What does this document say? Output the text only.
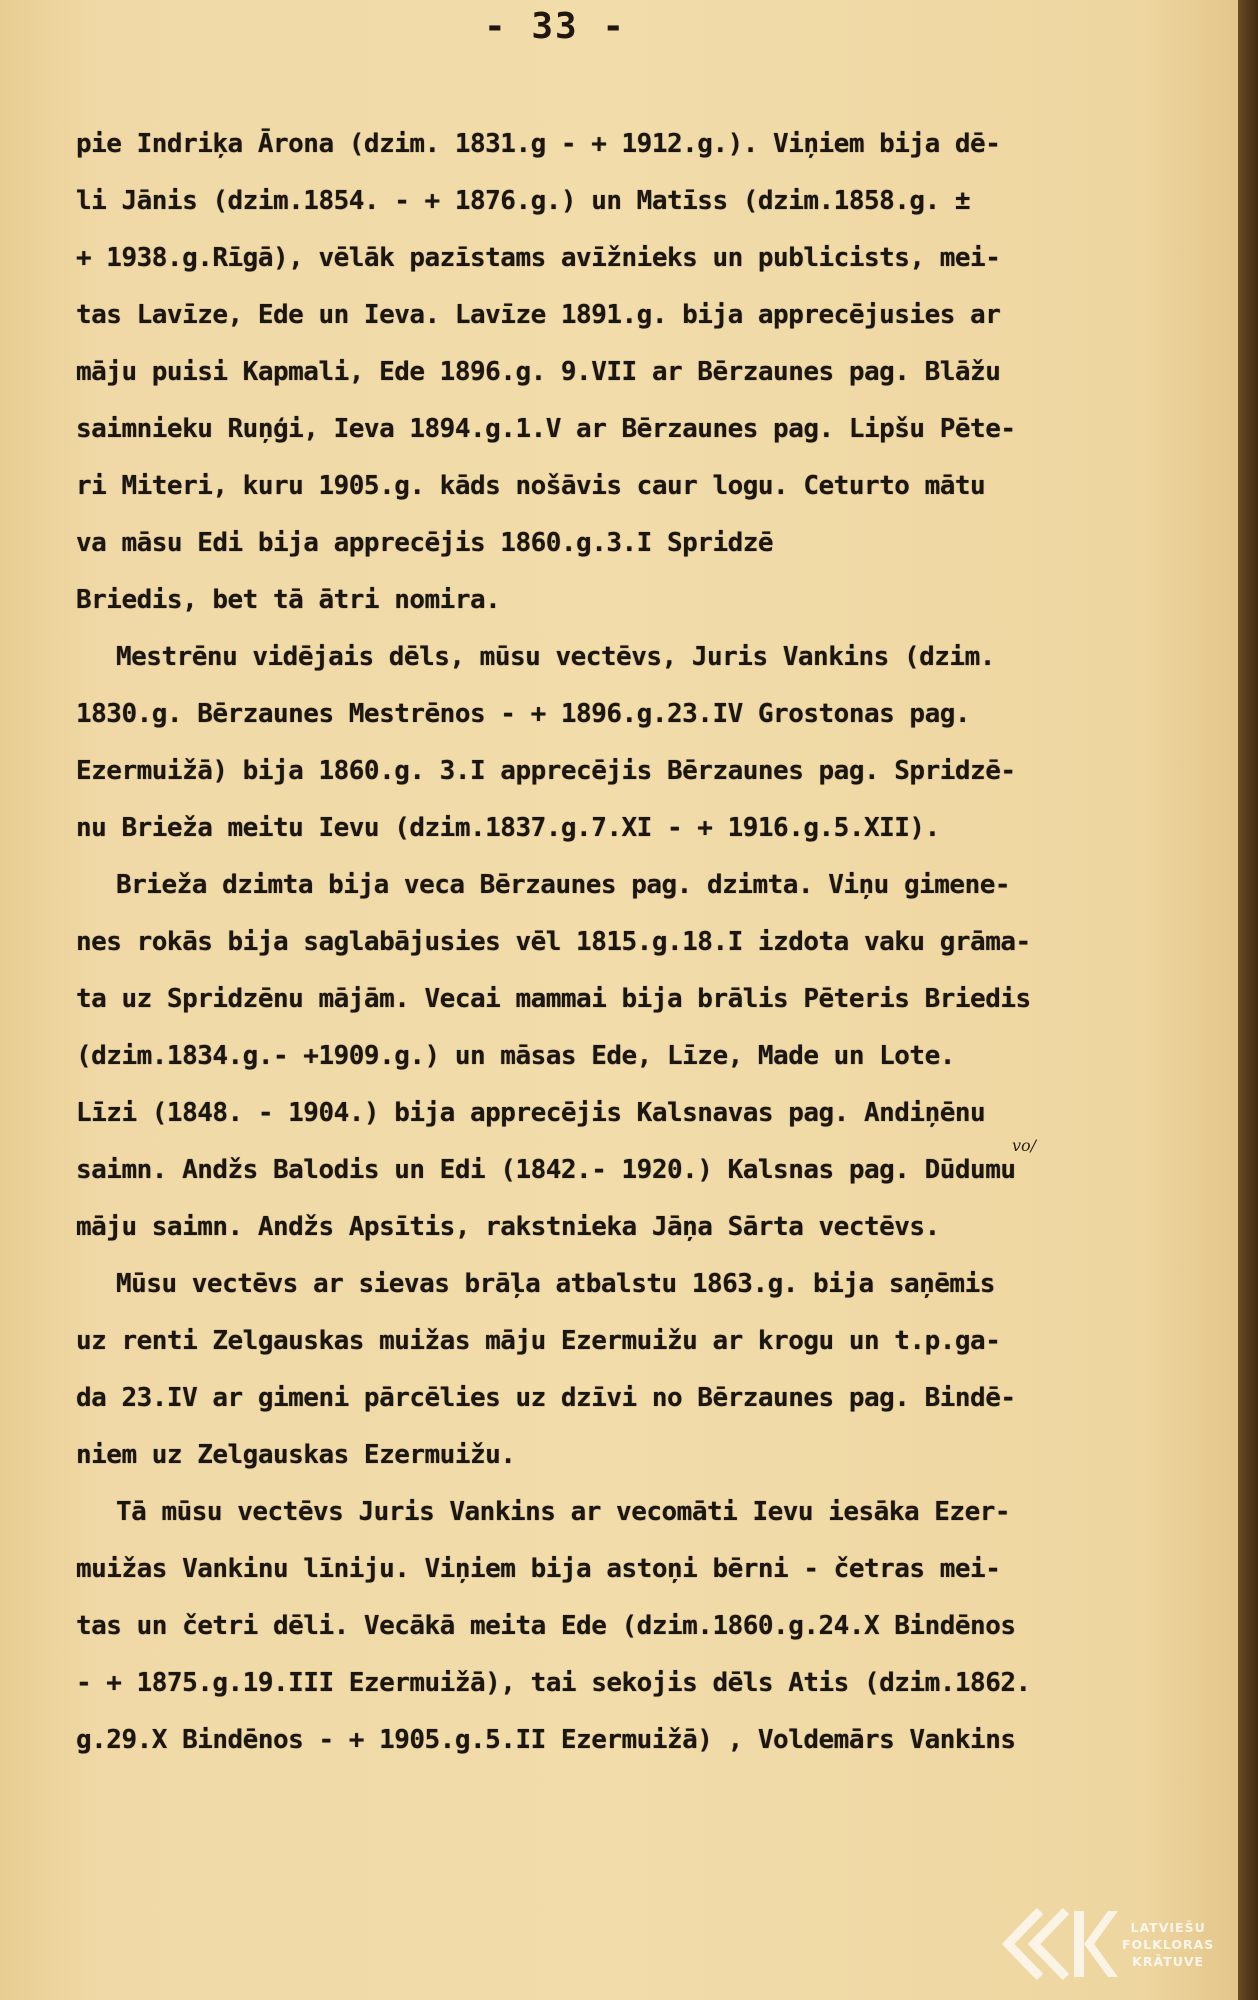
- 33 -
pie Indriķa Ārona (dzim. 1831.g - + 1912.g.). Viņiem bija dē-
li Jānis (dzim.1854. - + 1876.g.) un Matīss (dzim.1858.g. ±
+ 1938.g.Rīgā), vēlāk pazīstams avīžnieks un publicists, mei-
tas Lavīze, Ede un Ieva. Lavīze 1891.g. bija apprecējusies ar
māju puisi Kapmali, Ede 1896.g. 9.VII ar Bērzaunes pag. Blāžu
saimnieku Ruņģi, Ieva 1894.g.1.V ar Bērzaunes pag. Lipšu Pēte-
ri Miteri, kuru 1905.g. kāds nošāvis caur logu. Ceturto mātu
va māsu Edi bija apprecējis 1860.g.3.I Spridzē
Briedis, bet tā ātri nomira.
Mestrēnu vidējais dēls, mūsu vectēvs, Juris Vankins (dzim.
1830.g. Bērzaunes Mestrēnos - + 1896.g.23.IV Grostonas pag.
Ezermuižā) bija 1860.g. 3.I apprecējis Bērzaunes pag. Spridzē-
nu Brieža meitu Ievu (dzim.1837.g.7.XI - + 1916.g.5.XII).
Brieža dzimta bija veca Bērzaunes pag. dzimta. Viņu gimene-
nes rokās bija saglabājusies vēl 1815.g.18.I izdota vaku grāma-
ta uz Spridzēnu mājām. Vecai mammai bija brālis Pēteris Briedis
(dzim.1834.g.- +1909.g.) un māsas Ede, Līze, Made un Lote.
Līzi (1848. - 1904.) bija apprecējis Kalsnavas pag. Andiņēnu
saimn. Andžs Balodis un Edi (1842.- 1920.) Kalsnas pag. Dūdumu
māju saimn. Andžs Apsītis, rakstnieka Jāņa Sārta vectēvs.
Mūsu vectēvs ar sievas brāļa atbalstu 1863.g. bija saņēmis
uz renti Zelgauskas muižas māju Ezermuižu ar krogu un t.p.ga-
da 23.IV ar gimeni pārcēlies uz dzīvi no Bērzaunes pag. Bindē-
niem uz Zelgauskas Ezermuižu.
Tā mūsu vectēvs Juris Vankins ar vecomāti Ievu iesāka Ezer-
muižas Vankinu līniju. Viņiem bija astoņi bērni - četras mei-
tas un četri dēli. Vecākā meita Ede (dzim.1860.g.24.X Bindēnos
- + 1875.g.19.III Ezermuižā), tai sekojis dēls Atis (dzim.1862.
g.29.X Bindēnos - + 1905.g.5.II Ezermuižā) , Voldemārs Vankins
vo/
LATVIEŠU
FOLKLORAS
KRĀTUVE
